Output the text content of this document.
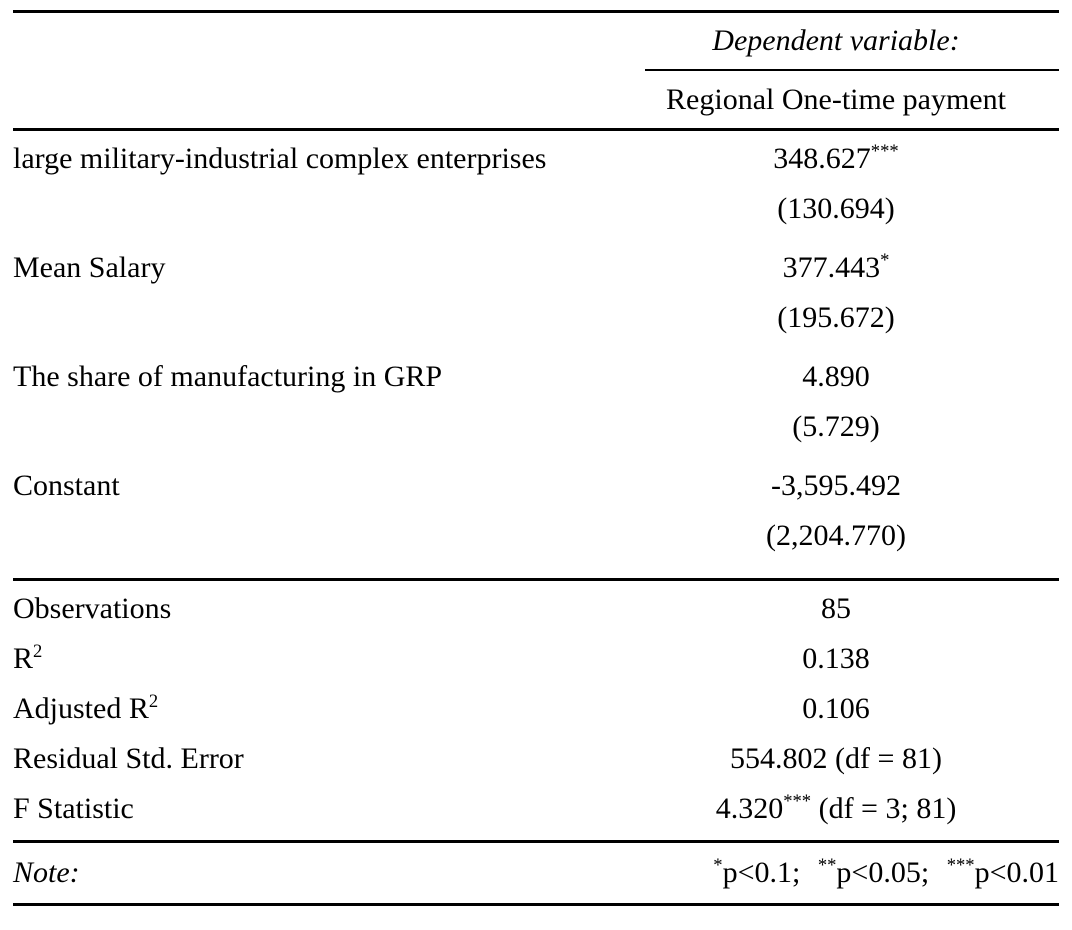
Dependent variable:
Regional One-time payment
large military-industrial complex enterprises	348.627***
(130.694)
Mean Salary	377.443*
(195.672)
The share of manufacturing in GRP	4.890
(5.729)
Constant	-3,595.492
(2,204.770)
Observations	85
$R^2$	0.138
Adjusted $R^2$	0.106
Residual Std. Error	554.802 (df = 81)
F Statistic	4.320*** (df = 3; 81)
Note:	*p<0.1; **p<0.05; ***p<0.01
